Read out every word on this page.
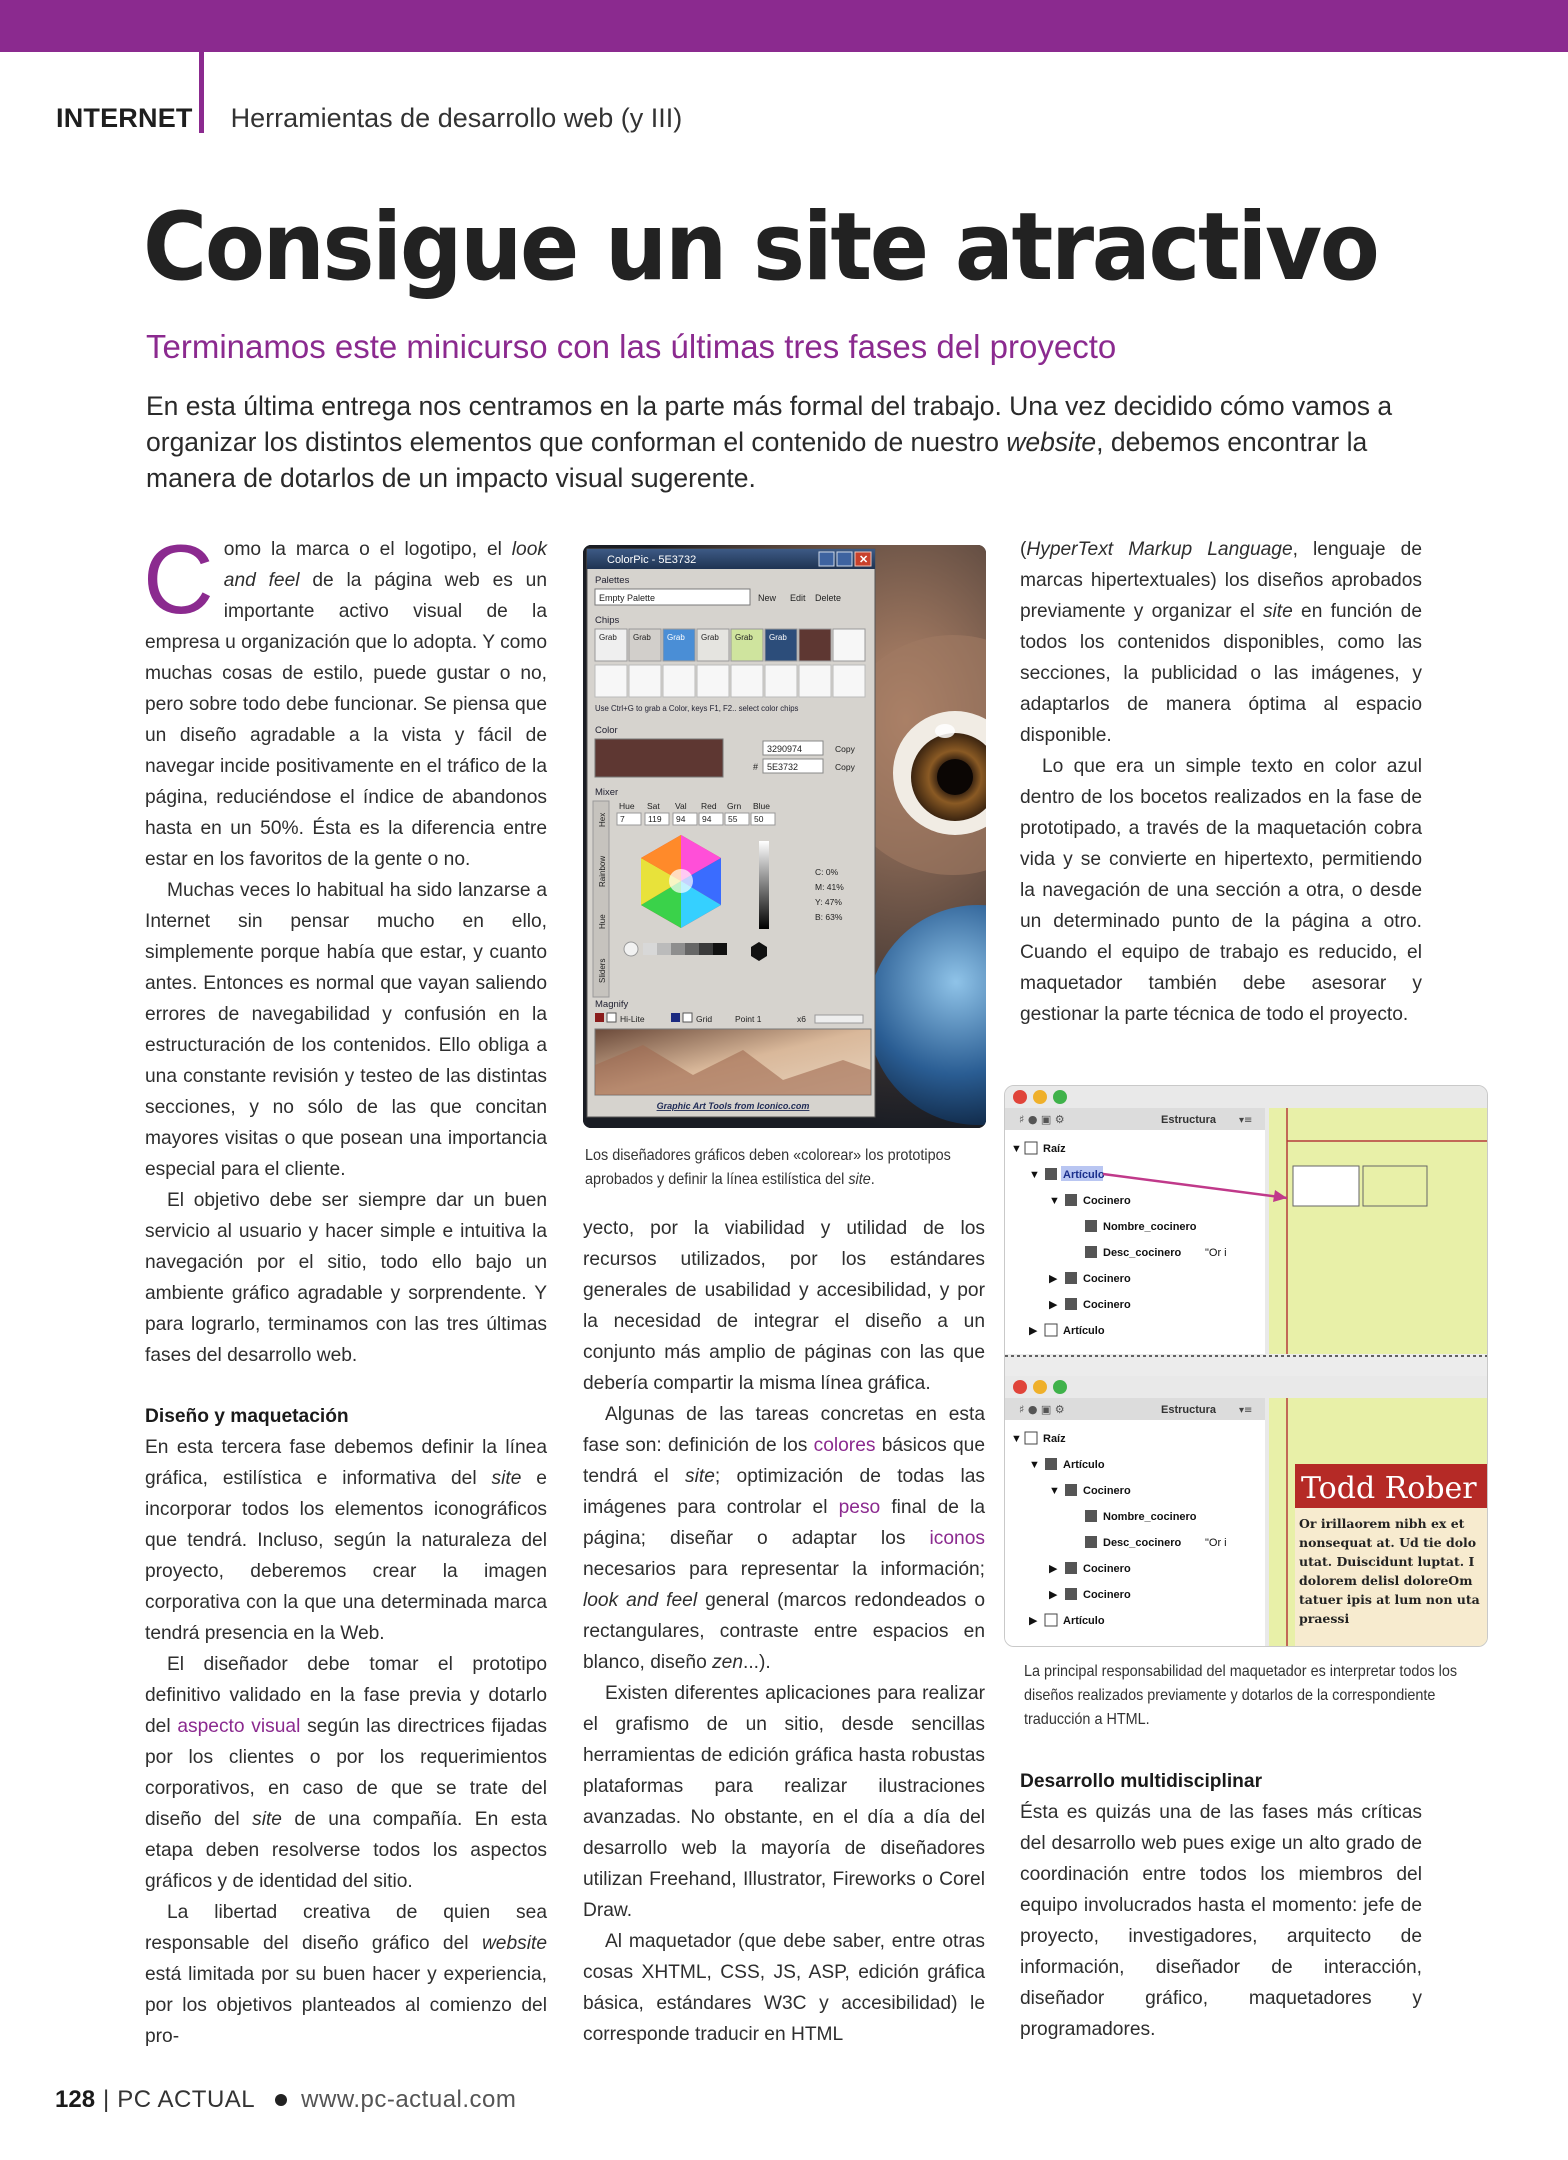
INTERNET Herramientas de desarrollo web (y III)
Consigue un site atractivo
Terminamos este minicurso con las últimas tres fases del proyecto
En esta última entrega nos centramos en la parte más formal del trabajo. Una vez decidido cómo vamos a organizar los distintos elementos que conforman el contenido de nuestro website, debemos encontrar la manera de dotarlos de un impacto visual sugerente.

Como la marca o el logotipo, el look and feel de la página web es un importante activo visual de la empresa u organización que lo adopta. Y como muchas cosas de estilo, puede gustar o no, pero sobre todo debe funcionar. Se piensa que un diseño agradable a la vista y fácil de navegar incide positivamente en el tráfico de la página, reduciéndose el índice de abandonos hasta en un 50%. Ésta es la diferencia entre estar en los favoritos de la gente o no.

Muchas veces lo habitual ha sido lanzarse a Internet sin pensar mucho en ello, simplemente porque había que estar, y cuanto antes. Entonces es normal que vayan saliendo errores de navegabilidad y confusión en la estructuración de los contenidos. Ello obliga a una constante revisión y testeo de las distintas secciones, y no sólo de las que concitan mayores visitas o que posean una importancia especial para el cliente.

El objetivo debe ser siempre dar un buen servicio al usuario y hacer simple e intuitiva la navegación por el sitio, todo ello bajo un ambiente gráfico agradable y sorprendente. Y para lograrlo, terminamos con las tres últimas fases del desarrollo web.

Diseño y maquetación

En esta tercera fase debemos definir la línea gráfica, estilística e informativa del site e incorporar todos los elementos iconográficos que tendrá. Incluso, según la naturaleza del proyecto, deberemos crear la imagen corporativa con la que una determinada marca tendrá presencia en la Web.

El diseñador debe tomar el prototipo definitivo validado en la fase previa y dotarlo del aspecto visual según las directrices fijadas por los clientes o por los requerimientos corporativos, en caso de que se trate del diseño del site de una compañía. En esta etapa deben resolverse todos los aspectos gráficos y de identidad del sitio.

La libertad creativa de quien sea responsable del diseño gráfico del website está limitada por su buen hacer y experiencia, por los objetivos planteados al comienzo del pro-

ColorPic - 5E3732	✕
Palettes
Empty Palette	New Edit Delete
Chips
Grab Grab Grab Grab Grab Grab
Use Ctrl+G to grab a Color, keys F1, F2.. select color chips
Color
3290974	Copy
# 5E3732	Copy
Mixer
Hex
Rainbow
Hue
Sliders
Hue Sat Val Red Grn Blue
7	119 94 94 55 50
C: 0%
M: 41%
Y: 47%
B: 63%
Magnify
Hi-Lite	Grid	Point 1	x6
Graphic Art Tools from Iconico.com
Los diseñadores gráficos deben «colorear» los prototipos aprobados y definir la línea estilística del site.

yecto, por la viabilidad y utilidad de los recursos utilizados, por los estándares generales de usabilidad y accesibilidad, y por la necesidad de integrar el diseño a un conjunto más amplio de páginas con las que debería compartir la misma línea gráfica.

Algunas de las tareas concretas en esta fase son: definición de los colores básicos que tendrá el site; optimización de todas las imágenes para controlar el peso final de la página; diseñar o adaptar los iconos necesarios para representar la información; look and feel general (marcos redondeados o rectangulares, contraste entre espacios en blanco, diseño zen...).

Existen diferentes aplicaciones para realizar el grafismo de un sitio, desde sencillas herramientas de edición gráfica hasta robustas plataformas para realizar ilustraciones avanzadas. No obstante, en el día a día del desarrollo web la mayoría de diseñadores utilizan Freehand, Illustrator, Fireworks o Corel Draw.

Al maquetador (que debe saber, entre otras cosas XHTML, CSS, JS, ASP, edición gráfica básica, estándares W3C y accesibilidad) le corresponde traducir en HTML

(HyperText Markup Language, lenguaje de marcas hipertextuales) los diseños aprobados previamente y organizar el site en función de todos los contenidos disponibles, como las secciones, la publicidad o las imágenes, y adaptarlos de manera óptima al espacio disponible.

Lo que era un simple texto en color azul dentro de los bocetos realizados en la fase de prototipado, a través de la maquetación cobra vida y se convierte en hipertexto, permitiendo la navegación de una sección a otra, o desde un determinado punto de la página a otro. Cuando el equipo de trabajo es reducido, el maquetador también debe asesorar y gestionar la parte técnica de todo el proyecto.

♯ ● ▣ ⚙	Estructura ▾≡
▼ Raíz
▼ Artículo
▼ Cocinero
Nombre_cocinero
Desc_cocinero "Or i
▶ Cocinero
▶ Cocinero
▶ Artículo
♯ ● ▣ ⚙	Estructura ▾≡
▼ Raíz
▼ Artículo
▼ Cocinero
Nombre_cocinero
Desc_cocinero "Or i
▶ Cocinero
▶ Cocinero
▶ Artículo
Todd Rober
Or irillaorem nibh ex et
nonsequat at. Ud tie dolo
utat. Duiscidunt luptat. I
dolorem delisl doloreOm
tatuer ipis at lum non uta
praessi
La principal responsabilidad del maquetador es interpretar todos los diseños realizados previamente y dotarlos de la correspondiente traducción a HTML.

Desarrollo multidisciplinar

Ésta es quizás una de las fases más críticas del desarrollo web pues exige un alto grado de coordinación entre todos los miembros del equipo involucrados hasta el momento: jefe de proyecto, investigadores, arquitecto de información, diseñador de interacción, diseñador gráfico, maquetadores y programadores.

128 | PC ACTUAL www.pc-actual.com
